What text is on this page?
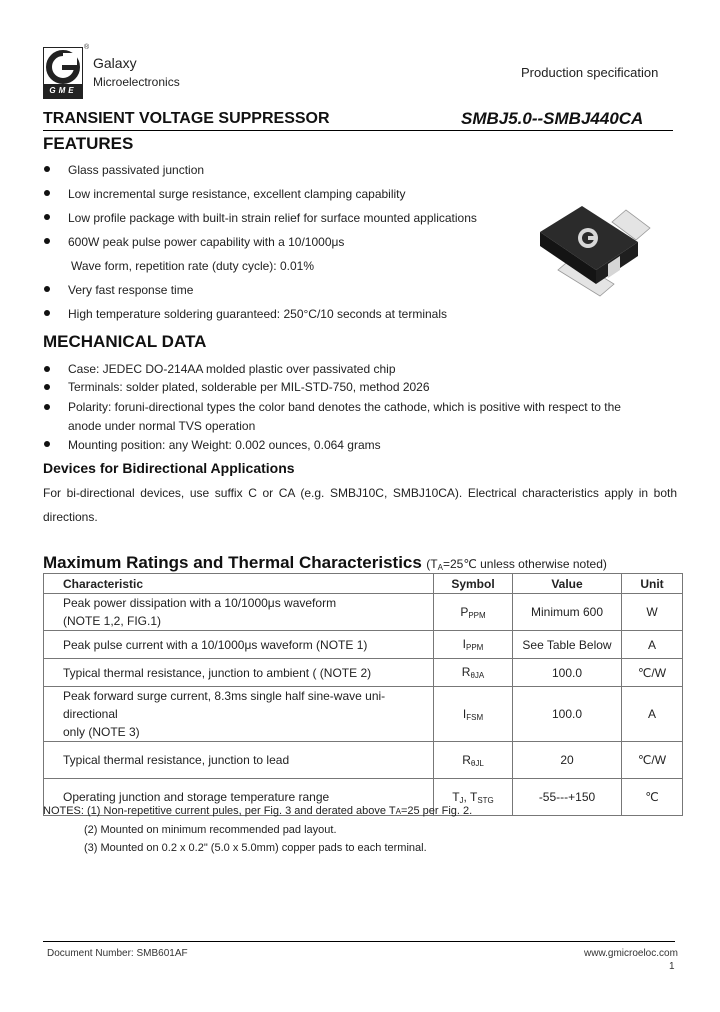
GME
®
Galaxy
Microelectronics
Production specification
TRANSIENT VOLTAGE SUPPRESSOR	SMBJ5.0--SMBJ440CA
FEATURES
Glass passivated junction
Low incremental surge resistance, excellent clamping capability
Low profile package with built-in strain relief for surface mounted applications
600W peak pulse power capability with a 10/1000μs
Wave form, repetition rate (duty cycle): 0.01%
Very fast response time
High temperature soldering guaranteed: 250°C/10 seconds at terminals
MECHANICAL DATA
Case: JEDEC DO-214AA molded plastic over passivated chip
Terminals: solder plated, solderable per MIL-STD-750, method 2026
Polarity: foruni-directional types the color band denotes the cathode, which is positive with respect to the
anode under normal TVS operation
Mounting position: any Weight: 0.002 ounces, 0.064 grams
Devices for Bidirectional Applications
For bi-directional devices, use suffix C or CA (e.g. SMBJ10C, SMBJ10CA). Electrical characteristics apply in both
directions.
Maximum Ratings and Thermal Characteristics ($T_A=25℃$ unless otherwise noted)
Characteristic	Symbol	Value	Unit

Peak power dissipation with a 10/1000μs waveform
(NOTE 1,2, FIG.1)	$P_{PPM}$	Minimum 600	W
Peak pulse current with a 10/1000μs waveform (NOTE 1)	$I_{PPM}$	See Table Below	A
Typical thermal resistance, junction to ambient ( (NOTE 2)	$R_{\theta JA}$	100.0	℃/W

Peak forward surge current, 8.3ms single half sine-wave uni-directional
only (NOTE 3)	$I_{FSM}$	100.0	A
Typical thermal resistance, junction to lead	$R_{\theta JL}$	20	℃/W
Operating junction and storage temperature range	$T_J$, $T_{STG}$	-55---+150	℃
NOTES: (1) Non-repetitive current pules, per Fig. 3 and derated above TA=25 per Fig. 2.
(2) Mounted on minimum recommended pad layout.
(3) Mounted on 0.2 x 0.2" (5.0 x 5.0mm) copper pads to each terminal.
Document Number: SMB601AF	www.gmicroeloc.com
1
